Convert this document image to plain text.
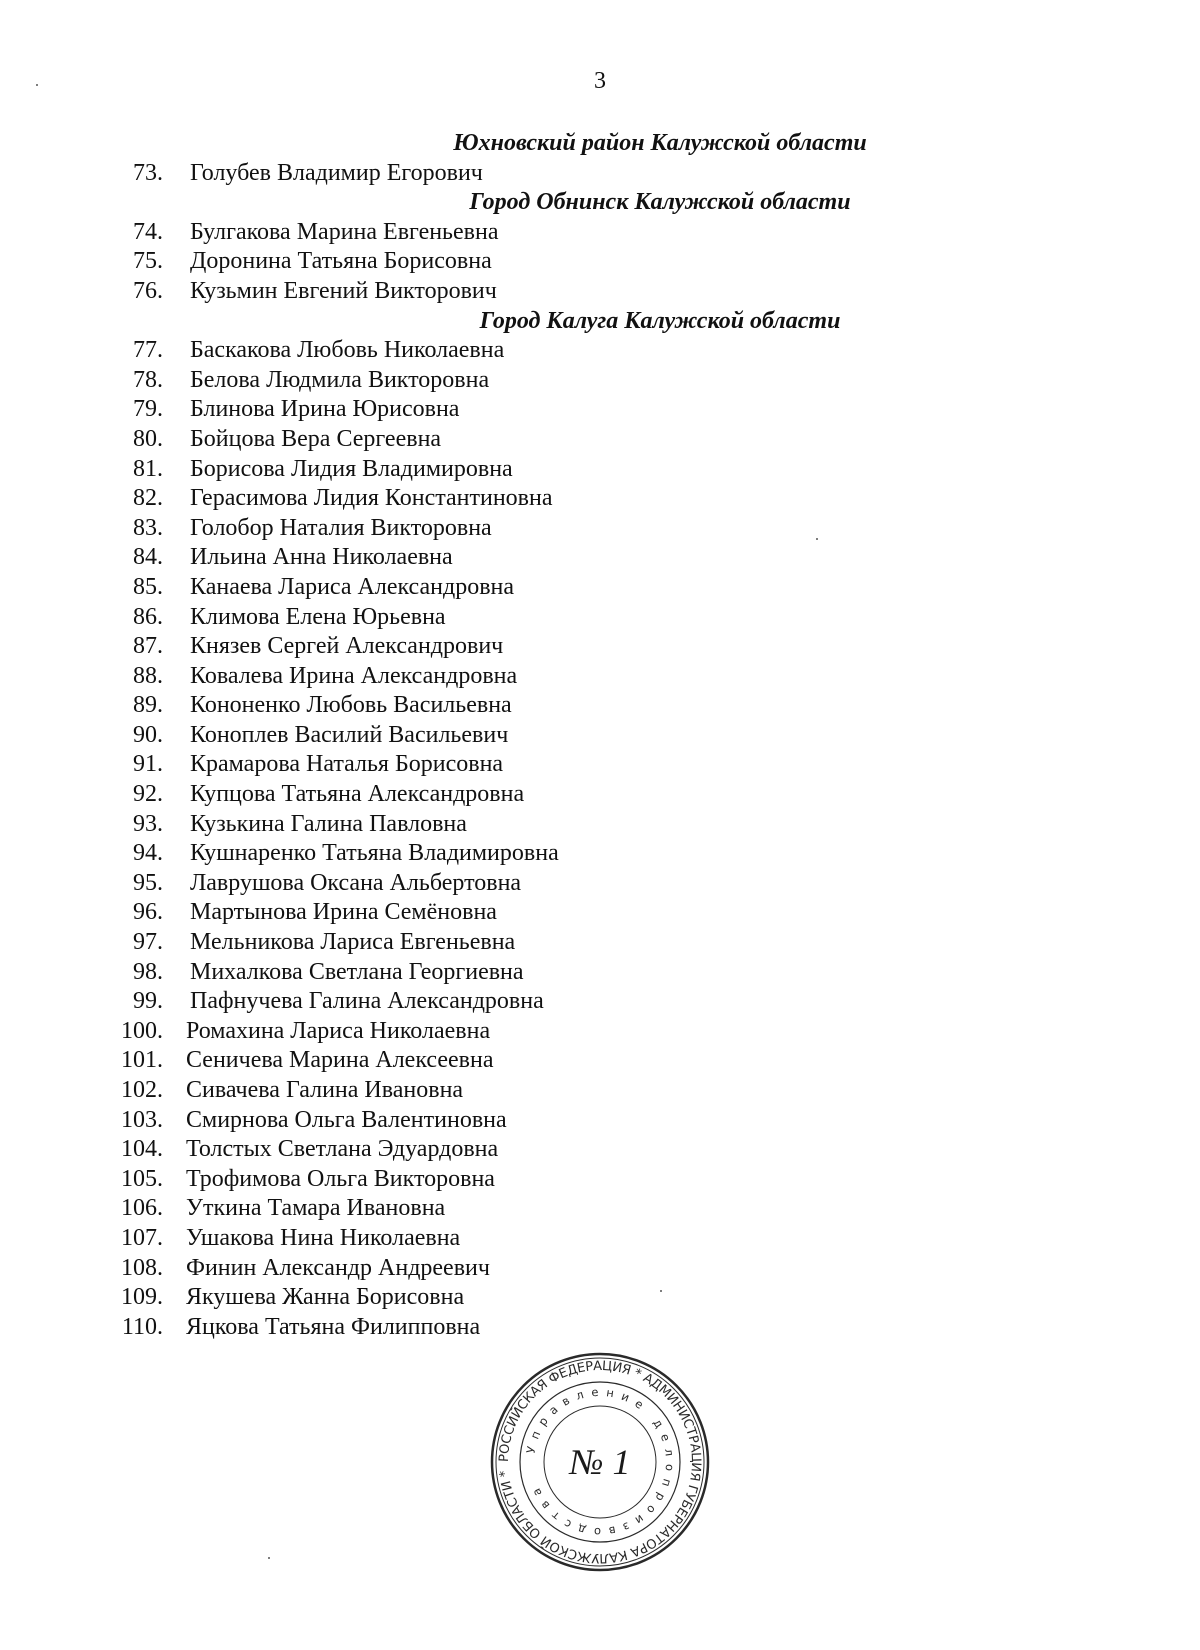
3
Юхновский район Калужской области
73. Голубев Владимир Егорович
Город Обнинск Калужской области
74. Булгакова Марина Евгеньевна
75. Доронина Татьяна Борисовна
76. Кузьмин Евгений Викторович
Город Калуга Калужской области
77. Баскакова Любовь Николаевна
78. Белова Людмила Викторовна
79. Блинова Ирина Юрисовна
80. Бойцова Вера Сергеевна
81. Борисова Лидия Владимировна
82. Герасимова Лидия Константиновна
83. Голобор Наталия Викторовна
84. Ильина Анна Николаевна
85. Канаева Лариса Александровна
86. Климова Елена Юрьевна
87. Князев Сергей Александрович
88. Ковалева Ирина Александровна
89. Кононенко Любовь Васильевна
90. Коноплев Василий Васильевич
91. Крамарова Наталья Борисовна
92. Купцова Татьяна Александровна
93. Кузькина Галина Павловна
94. Кушнаренко Татьяна Владимировна
95. Лаврушова Оксана Альбертовна
96. Мартынова Ирина Семёновна
97. Мельникова Лариса Евгеньевна
98. Михалкова Светлана Георгиевна
99. Пафнучева Галина Александровна
100. Ромахина Лариса Николаевна
101. Сеничева Марина Алексеевна
102. Сивачева Галина Ивановна
103. Смирнова Ольга Валентиновна
104. Толстых Светлана Эдуардовна
105. Трофимова Ольга Викторовна
106. Уткина Тамара Ивановна
107. Ушакова Нина Николаевна
108. Финин Александр Андреевич
109. Якушева Жанна Борисовна
110. Яцкова Татьяна Филипповна
РОССИЙСКАЯ ФЕДЕРАЦИЯ * АДМИНИСТРАЦИЯ ГУБЕРНАТОРА КАЛУЖСКОЙ ОБЛАСТИ *
Управление делопроизводства
№ 1
